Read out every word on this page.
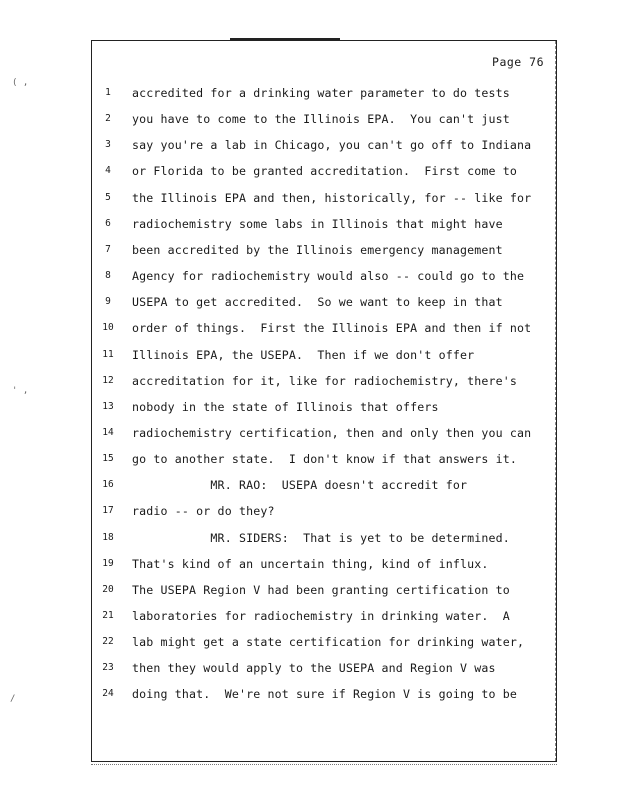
Page 76
1	accredited for a drinking water parameter to do tests
2	you have to come to the Illinois EPA.  You can't just
3	say you're a lab in Chicago, you can't go off to Indiana
4	or Florida to be granted accreditation.  First come to
5	the Illinois EPA and then, historically, for -- like for
6	radiochemistry some labs in Illinois that might have
7	been accredited by the Illinois emergency management
8	Agency for radiochemistry would also -- could go to the
9	USEPA to get accredited.  So we want to keep in that
10 order of things.  First the Illinois EPA and then if not
11 Illinois EPA, the USEPA.  Then if we don't offer
12 accreditation for it, like for radiochemistry, there's
13 nobody in the state of Illinois that offers
14 radiochemistry certification, then and only then you can
15 go to another state.  I don't know if that answers it.
16 MR. RAO:  USEPA doesn't accredit for
17 radio -- or do they?
18 MR. SIDERS:  That is yet to be determined.
19 That's kind of an uncertain thing, kind of influx.
20 The USEPA Region V had been granting certification to
21 laboratories for radiochemistry in drinking water.  A
22 lab might get a state certification for drinking water,
23 then they would apply to the USEPA and Region V was
24 doing that.  We're not sure if Region V is going to be
( ,
' ,
/
